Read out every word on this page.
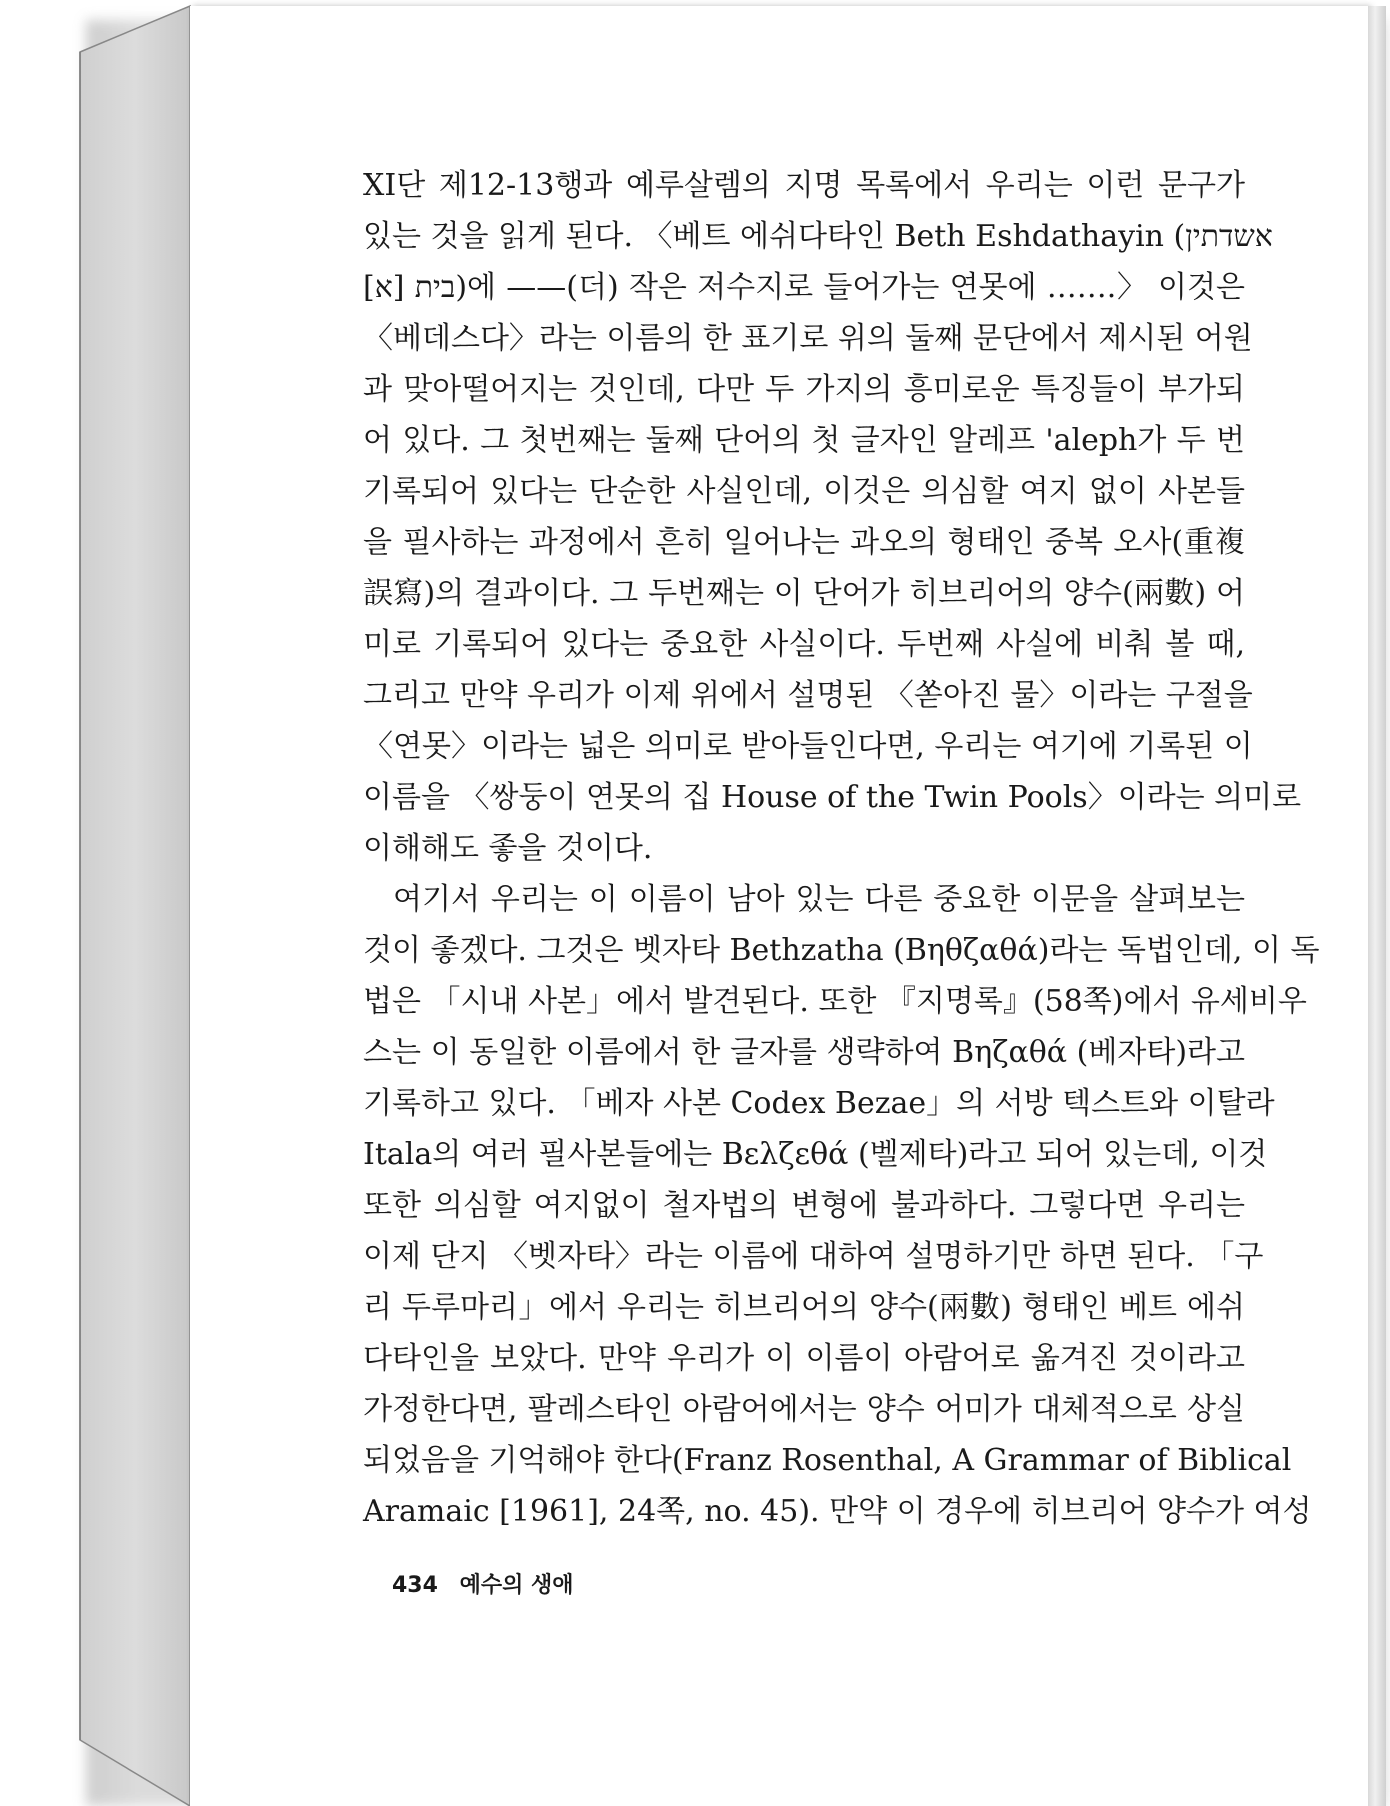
XI단 제12-13행과 예루살렘의 지명 목록에서 우리는 이런 문구가
있는 것을 읽게 된다. 〈베트 에쉬다타인 Beth Eshdathayin (אשדתין
[א] בית)에 ——(더) 작은 저수지로 들어가는 연못에 …….〉 이것은
〈베데스다〉라는 이름의 한 표기로 위의 둘째 문단에서 제시된 어원
과 맞아떨어지는 것인데, 다만 두 가지의 흥미로운 특징들이 부가되
어 있다. 그 첫번째는 둘째 단어의 첫 글자인 알레프 'aleph가 두 번
기록되어 있다는 단순한 사실인데, 이것은 의심할 여지 없이 사본들
을 필사하는 과정에서 흔히 일어나는 과오의 형태인 중복 오사(重複
誤寫)의 결과이다. 그 두번째는 이 단어가 히브리어의 양수(兩數) 어
미로 기록되어 있다는 중요한 사실이다. 두번째 사실에 비춰 볼 때,
그리고 만약 우리가 이제 위에서 설명된 〈쏟아진 물〉이라는 구절을
〈연못〉이라는 넓은 의미로 받아들인다면, 우리는 여기에 기록된 이
이름을 〈쌍둥이 연못의 집 House of the Twin Pools〉이라는 의미로
이해해도 좋을 것이다.
여기서 우리는 이 이름이 남아 있는 다른 중요한 이문을 살펴보는
것이 좋겠다. 그것은 벳자타 Bethzatha (Βηθζαθά)라는 독법인데, 이 독
법은 「시내 사본」에서 발견된다. 또한 『지명록』(58쪽)에서 유세비우
스는 이 동일한 이름에서 한 글자를 생략하여 Βηζαθά (베자타)라고
기록하고 있다. 「베자 사본 Codex Bezae」의 서방 텍스트와 이탈라
Itala의 여러 필사본들에는 Βελζεθά (벨제타)라고 되어 있는데, 이것
또한 의심할 여지없이 철자법의 변형에 불과하다. 그렇다면 우리는
이제 단지 〈벳자타〉라는 이름에 대하여 설명하기만 하면 된다. 「구
리 두루마리」에서 우리는 히브리어의 양수(兩數) 형태인 베트 에쉬
다타인을 보았다. 만약 우리가 이 이름이 아람어로 옮겨진 것이라고
가정한다면, 팔레스타인 아람어에서는 양수 어미가 대체적으로 상실
되었음을 기억해야 한다(Franz Rosenthal, A Grammar of Biblical
Aramaic [1961], 24쪽, no. 45). 만약 이 경우에 히브리어 양수가 여성
434 예수의 생애
